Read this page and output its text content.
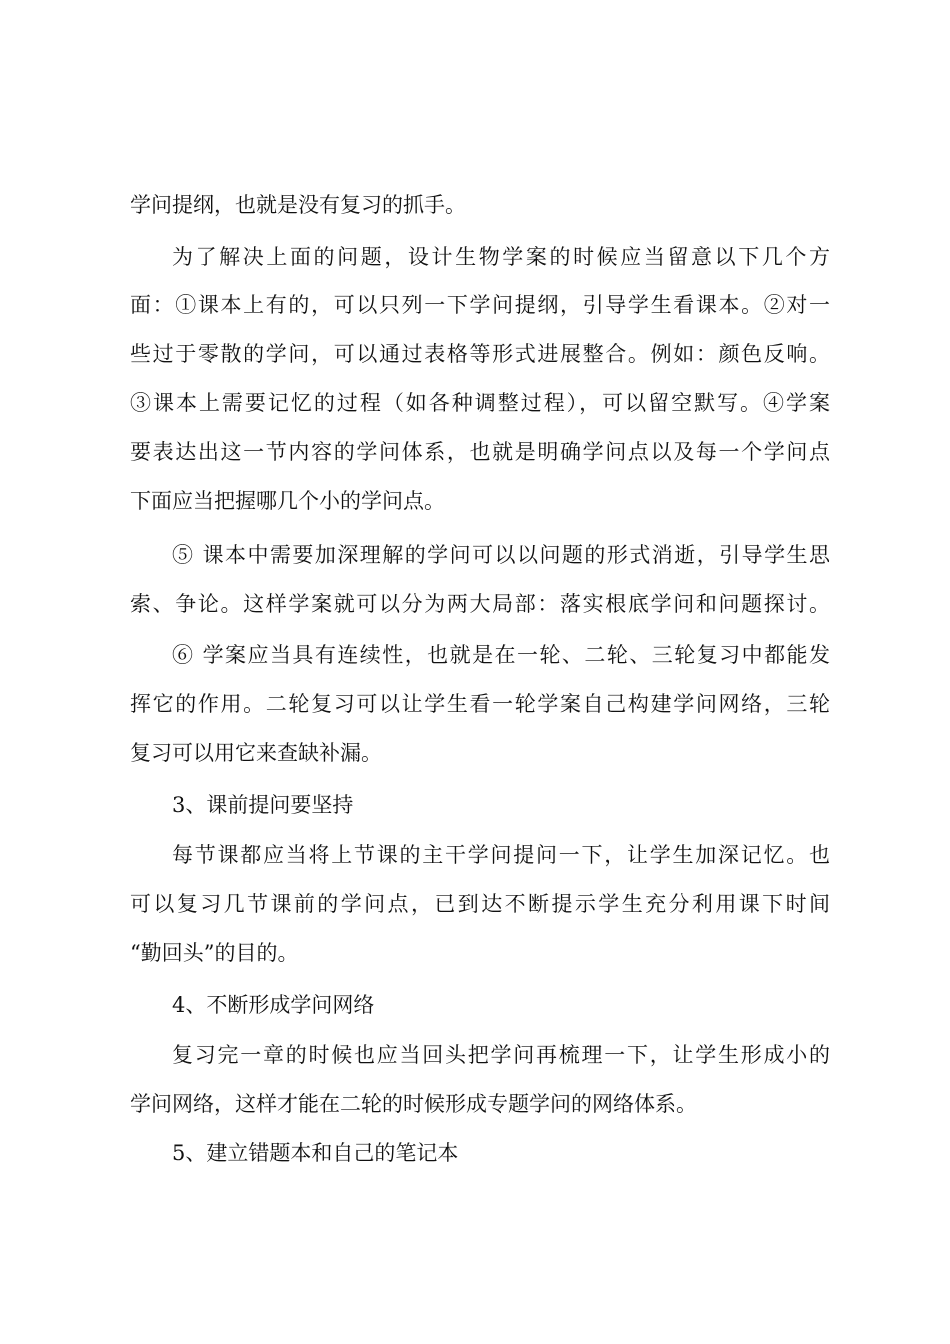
学问提纲，也就是没有复习的抓手。
为了解决上面的问题，设计生物学案的时候应当留意以下几个方
面：①课本上有的，可以只列一下学问提纲，引导学生看课本。②对一
些过于零散的学问，可以通过表格等形式进展整合。例如：颜色反响。
③课本上需要记忆的过程（如各种调整过程），可以留空默写。④学案
要表达出这一节内容的学问体系，也就是明确学问点以及每一个学问点
下面应当把握哪几个小的学问点。
⑤ 课本中需要加深理解的学问可以以问题的形式消逝，引导学生思
索、争论。这样学案就可以分为两大局部：落实根底学问和问题探讨。
⑥ 学案应当具有连续性，也就是在一轮、二轮、三轮复习中都能发
挥它的作用。二轮复习可以让学生看一轮学案自己构建学问网络，三轮
复习可以用它来查缺补漏。
3、课前提问要坚持
每节课都应当将上节课的主干学问提问一下，让学生加深记忆。也
可以复习几节课前的学问点，已到达不断提示学生充分利用课下时间
“勤回头”的目的。
4、不断形成学问网络
复习完一章的时候也应当回头把学问再梳理一下，让学生形成小的
学问网络，这样才能在二轮的时候形成专题学问的网络体系。
5、建立错题本和自己的笔记本
